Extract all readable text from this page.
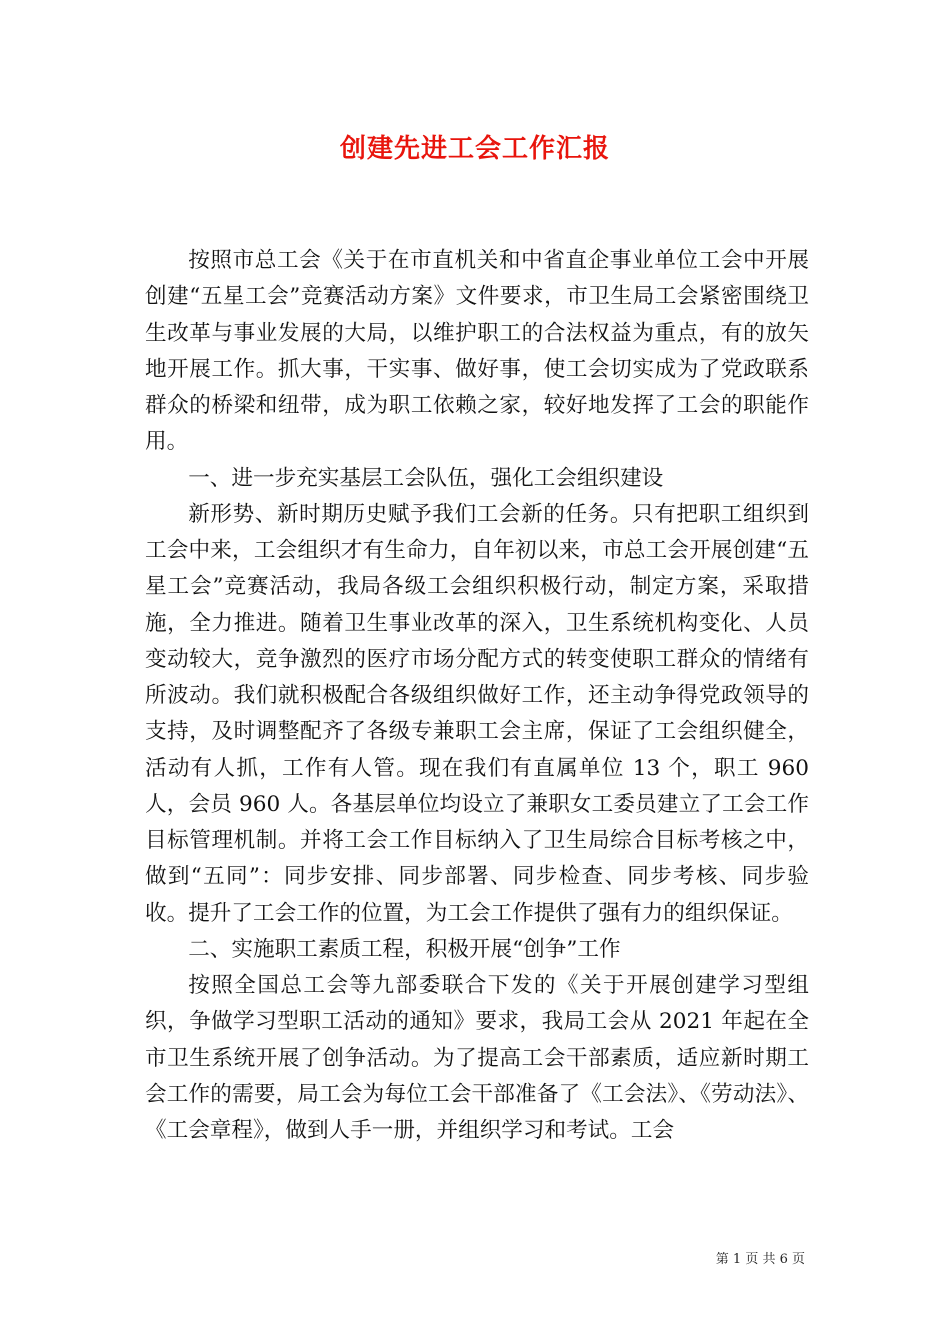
创建先进工会工作汇报

按照市总工会《关于在市直机关和中省直企事业单位工会中开展创建“五星工会”竞赛活动方案》文件要求，市卫生局工会紧密围绕卫生改革与事业发展的大局，以维护职工的合法权益为重点，有的放矢地开展工作。抓大事，干实事、做好事，使工会切实成为了党政联系群众的桥梁和纽带，成为职工依赖之家，较好地发挥了工会的职能作用。

一、进一步充实基层工会队伍，强化工会组织建设

新形势、新时期历史赋予我们工会新的任务。只有把职工组织到工会中来，工会组织才有生命力，自年初以来，市总工会开展创建“五星工会”竞赛活动，我局各级工会组织积极行动，制定方案，采取措施，全力推进。随着卫生事业改革的深入，卫生系统机构变化、人员变动较大，竞争激烈的医疗市场分配方式的转变使职工群众的情绪有所波动。我们就积极配合各级组织做好工作，还主动争得党政领导的支持，及时调整配齐了各级专兼职工会主席，保证了工会组织健全，活动有人抓，工作有人管。现在我们有直属单位 13 个，职工 960 人，会员 960 人。各基层单位均设立了兼职女工委员建立了工会工作目标管理机制。并将工会工作目标纳入了卫生局综合目标考核之中，做到“五同”：同步安排、同步部署、同步检查、同步考核、同步验收。提升了工会工作的位置，为工会工作提供了强有力的组织保证。

二、实施职工素质工程，积极开展“创争”工作

按照全国总工会等九部委联合下发的《关于开展创建学习型组织，争做学习型职工活动的通知》要求，我局工会从 2021 年起在全市卫生系统开展了创争活动。为了提高工会干部素质，适应新时期工会工作的需要，局工会为每位工会干部准备了《工会法》、《劳动法》、《工会章程》，做到人手一册，并组织学习和考试。工会

第 1 页 共 6 页
